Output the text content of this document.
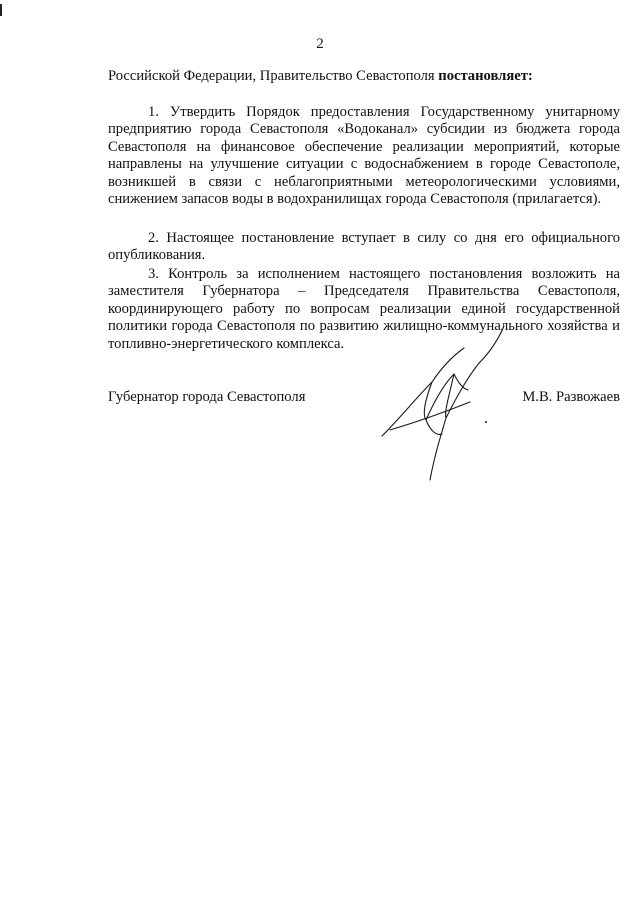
2

Российской Федерации, Правительство Севастополя постановляет:

1. Утвердить Порядок предоставления Государственному унитарному предприятию города Севастополя «Водоканал» субсидии из бюджета города Севастополя на финансовое обеспечение реализации мероприятий, которые направлены на улучшение ситуации с водоснабжением в городе Севастополе, возникшей в связи с неблагоприятными метеорологическими условиями, снижением запасов воды в водохранилищах города Севастополя (прилагается).

2. Настоящее постановление вступает в силу со дня его официального опубликования.

3. Контроль за исполнением настоящего постановления возложить на заместителя Губернатора – Председателя Правительства Севастополя, координирующего работу по вопросам реализации единой государственной политики города Севастополя по развитию жилищно-коммунального хозяйства и топливно-энергетического комплекса.

Губернатор города Севастополя	М.В. Развожаев
